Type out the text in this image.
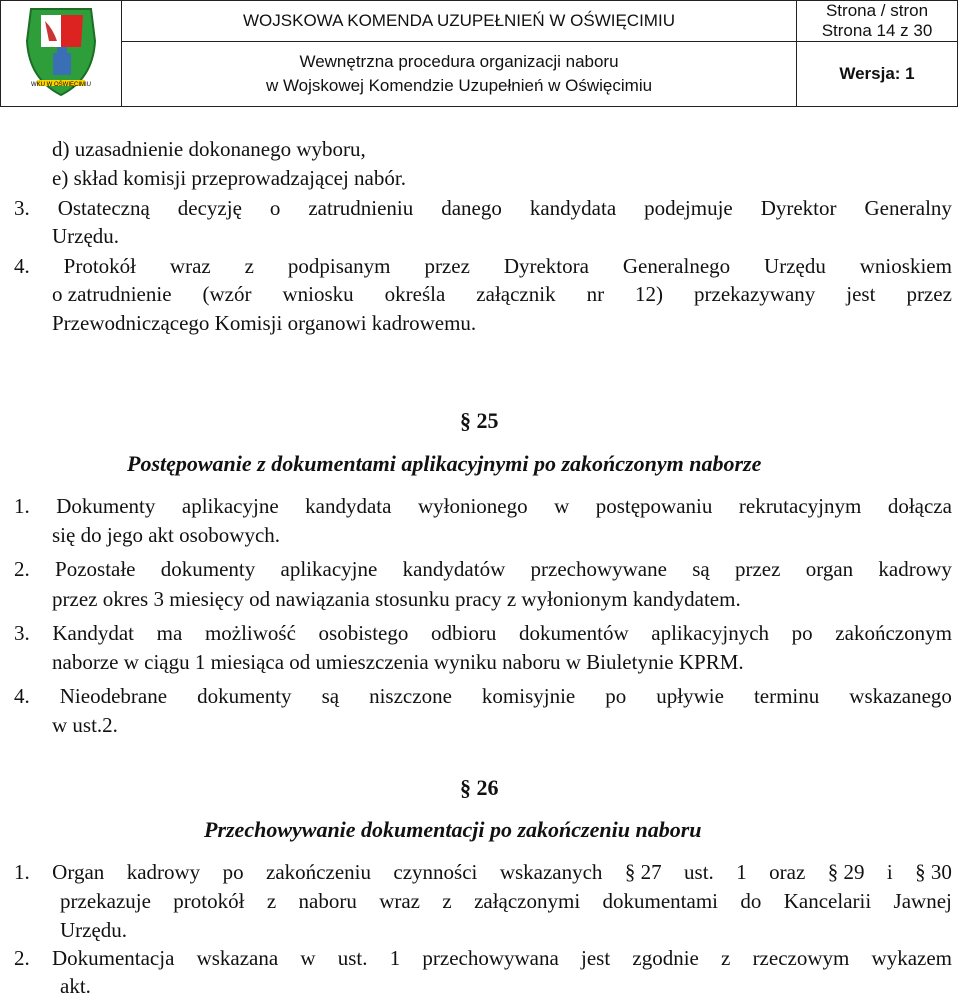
WKU W OŚWIĘCIMIU	WOJSKOWA KOMENDA UZUPEŁNIEŃ W OŚWIĘCIMIU	Strona / stron
Strona 14 z 30

	Wewnętrzna procedura organizacji naboru
w Wojskowej Komendzie Uzupełnień w Oświęcimiu	Wersja: 1
d) uzasadnienie dokonanego wyboru,
e) skład komisji przeprowadzającej nabór.
3. Ostateczną decyzję o zatrudnieniu danego kandydata podejmuje Dyrektor Generalny
Urzędu.
4. Protokół wraz z podpisanym przez Dyrektora Generalnego Urzędu wnioskiem
o zatrudnienie (wzór wniosku określa załącznik nr 12) przekazywany jest przez
Przewodniczącego Komisji organowi kadrowemu.
§ 25
Postępowanie z dokumentami aplikacyjnymi po zakończonym naborze
1. Dokumenty aplikacyjne kandydata wyłonionego w postępowaniu rekrutacyjnym dołącza
się do jego akt osobowych.
2. Pozostałe dokumenty aplikacyjne kandydatów przechowywane są przez organ kadrowy
przez okres 3 miesięcy od nawiązania stosunku pracy z wyłonionym kandydatem.
3. Kandydat ma możliwość osobistego odbioru dokumentów aplikacyjnych po zakończonym
naborze w ciągu 1 miesiąca od umieszczenia wyniku naboru w Biuletynie KPRM.
4. Nieodebrane dokumenty są niszczone komisyjnie po upływie terminu wskazanego
w ust.2.
§ 26
Przechowywanie dokumentacji po zakończeniu naboru
1. Organ kadrowy po zakończeniu czynności wskazanych § 27 ust. 1 oraz § 29 i § 30
przekazuje protokół z naboru wraz z załączonymi dokumentami do Kancelarii Jawnej
Urzędu.
2. Dokumentacja wskazana w ust. 1 przechowywana jest zgodnie z rzeczowym wykazem
akt.
